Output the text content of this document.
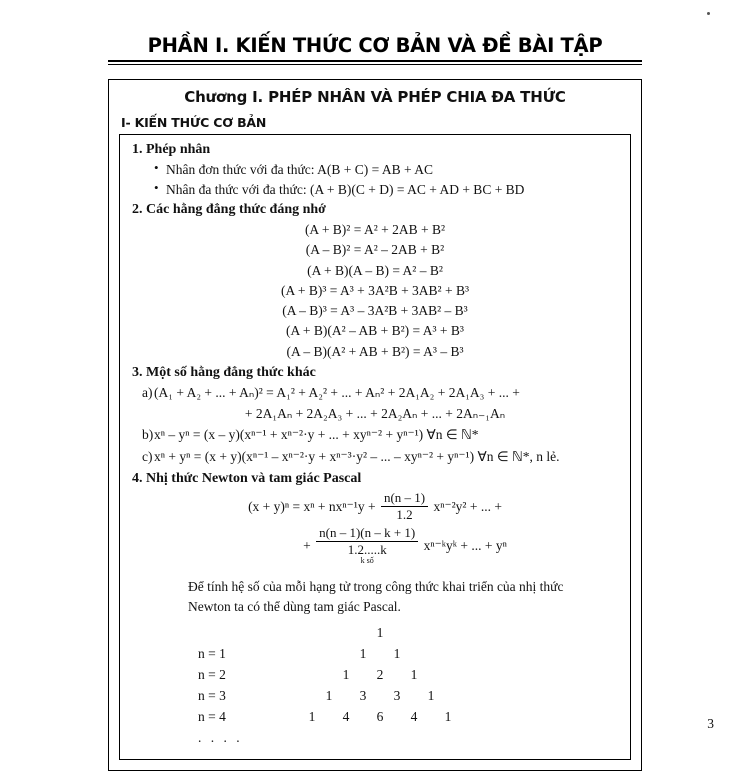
PHẦN I. KIẾN THỨC CƠ BẢN VÀ ĐỀ BÀI TẬP
Chương I. PHÉP NHÂN VÀ PHÉP CHIA ĐA THỨC
I- KIẾN THỨC CƠ BẢN
1. Phép nhân
• Nhân đơn thức với đa thức: A(B + C) = AB + AC
• Nhân đa thức với đa thức: (A + B)(C + D) = AC + AD + BC + BD
2. Các hằng đẳng thức đáng nhớ
(A + B)² = A² + 2AB + B²
(A – B)² = A² – 2AB + B²
(A + B)(A – B) = A² – B²
(A + B)³ = A³ + 3A²B + 3AB² + B³
(A – B)³ = A³ – 3A²B + 3AB² – B³
(A + B)(A² – AB + B²) = A³ + B³
(A – B)(A² + AB + B²) = A³ – B³
3. Một số hằng đẳng thức khác
a) (A₁ + A₂ + ... + Aₙ)² = A₁² + A₂² + ... + Aₙ² + 2A₁A₂ + 2A₁A₃ + ... +
+ 2A₁Aₙ + 2A₂A₃ + ... + 2A₂Aₙ + ... + 2Aₙ₋₁Aₙ
b) xⁿ – yⁿ = (x – y)(xⁿ⁻¹ + xⁿ⁻²·y + ... + xyⁿ⁻² + yⁿ⁻¹) ∀n ∈ ℕ*
c) xⁿ + yⁿ = (x + y)(xⁿ⁻¹ – xⁿ⁻²·y + xⁿ⁻³·y² – ... – xyⁿ⁻² + yⁿ⁻¹) ∀n ∈ ℕ*, n lẻ.
4. Nhị thức Newton và tam giác Pascal
$(x + y)^n = x^n + nx^{n-1}y + \frac{n(n - 1)}{1.2} x^{n-2}y^2$ + ... +
+
n(n – 1)(n – k + 1)
1.2.....k
k số
xⁿ⁻ᵏyᵏ + ... + yⁿ
Để tính hệ số của mỗi hạng tử trong công thức khai triển của nhị thức Newton ta có thể dùng tam giác Pascal.
1
n = 1	1	1
n = 2	1	2	1
n = 3	1	3	3	1
n = 4	1	4	6	4	1
. . . .
3
